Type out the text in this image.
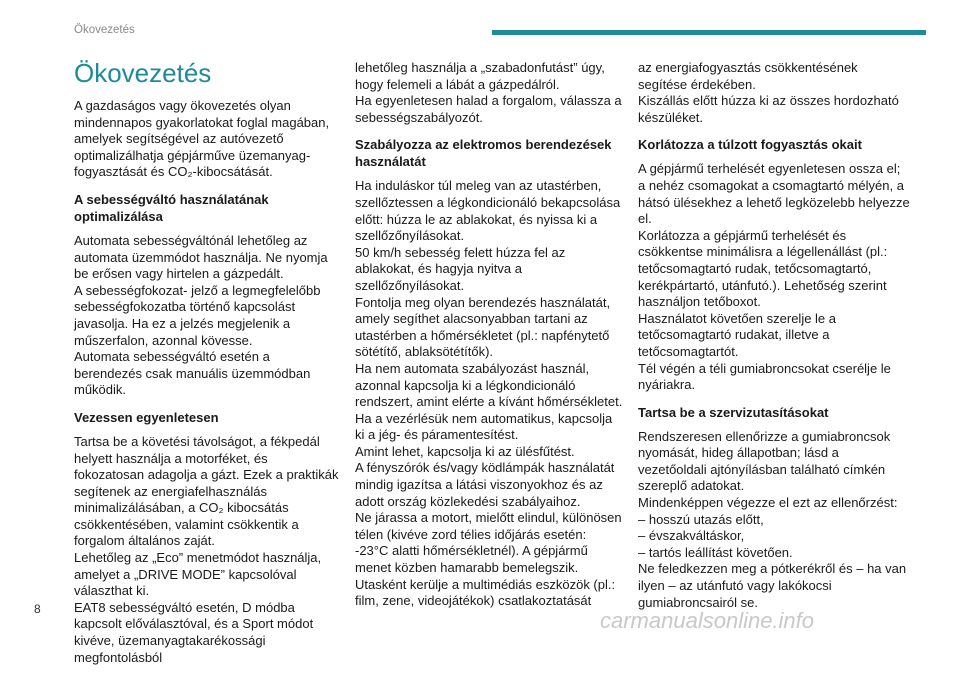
Ökovezetés
Ökovezetés

A gazdaságos vagy ökovezetés olyan mindennapos gyakorlatokat foglal magában, amelyek segítségével az autóvezető optimalizálhatja gépjárműve üzemanyag-fogyasztását és CO₂-kibocsátását.

A sebességváltó használatának optimalizálása

Automata sebességváltónál lehetőleg az automata üzemmódot használja. Ne nyomja be erősen vagy hirtelen a gázpedált.
A sebességfokozat- jelző a legmegfelelőbb sebességfokozatba történő kapcsolást javasolja. Ha ez a jelzés megjelenik a műszerfalon, azonnal kövesse.
Automata sebességváltó esetén a berendezés csak manuális üzemmódban működik.

Vezessen egyenletesen

Tartsa be a követési távolságot, a fékpedál helyett használja a motorféket, és fokozatosan adagolja a gázt. Ezek a praktikák segítenek az energiafelhasználás minimalizálásában, a CO₂ kibocsátás csökkentésében, valamint csökkentik a forgalom általános zaját.
Lehetőleg az „Eco” menetmódot használja, amelyet a „DRIVE MODE” kapcsolóval választhat ki.
EAT8 sebességváltó esetén, D módba kapcsolt előválasztóval, és a Sport módot kivéve, üzemanyagtakarékossági megfontolásból

lehetőleg használja a „szabadonfutást” úgy, hogy felemeli a lábát a gázpedálról.
Ha egyenletesen halad a forgalom, válassza a sebességszabályozót.

Szabályozza az elektromos berendezések használatát

Ha induláskor túl meleg van az utastérben, szellőztessen a légkondicionáló bekapcsolása előtt: húzza le az ablakokat, és nyissa ki a szellőzőnyílásokat.
50 km/h sebesség felett húzza fel az ablakokat, és hagyja nyitva a szellőzőnyílásokat.
Fontolja meg olyan berendezés használatát, amely segíthet alacsonyabban tartani az utastérben a hőmérsékletet (pl.: napfénytető sötétítő, ablaksötétítők).
Ha nem automata szabályozást használ, azonnal kapcsolja ki a légkondicionáló rendszert, amint elérte a kívánt hőmérsékletet.
Ha a vezérlésük nem automatikus, kapcsolja ki a jég- és páramentesítést.
Amint lehet, kapcsolja ki az ülésfűtést.
A fényszórók és/vagy ködlámpák használatát mindig igazítsa a látási viszonyokhoz és az adott ország közlekedési szabályaihoz.
Ne járassa a motort, mielőtt elindul, különösen télen (kivéve zord télies időjárás esetén: -23°C alatti hőmérsékletnél). A gépjármű menet közben hamarabb bemelegszik.
Utasként kerülje a multimédiás eszközök (pl.: film, zene, videojátékok) csatlakoztatását

az energiafogyasztás csökkentésének segítése érdekében.
Kiszállás előtt húzza ki az összes hordozható készüléket.

Korlátozza a túlzott fogyasztás okait

A gépjármű terhelését egyenletesen ossza el; a nehéz csomagokat a csomagtartó mélyén, a hátsó ülésekhez a lehető legközelebb helyezze el.
Korlátozza a gépjármű terhelését és csökkentse minimálisra a légellenállást (pl.: tetőcsomagtartó rudak, tetőcsomagtartó, kerékpártartó, utánfutó.). Lehetőség szerint használjon tetőboxot.
Használatot követően szerelje le a tetőcsomagtartó rudakat, illetve a tetőcsomagtartót.
Tél végén a téli gumiabroncsokat cserélje le nyáriakra.

Tartsa be a szervizutasításokat

Rendszeresen ellenőrizze a gumiabroncsok nyomását, hideg állapotban; lásd a vezetőoldali ajtónyílásban található címkén szereplő adatokat.
Mindenképpen végezze el ezt az ellenőrzést:
– hosszú utazás előtt,
– évszakváltáskor,
– tartós leállítást követően.
Ne feledkezzen meg a pótkerékről és – ha van ilyen – az utánfutó vagy lakókocsi gumiabroncsairól se.

8	carmanualsonline.info
